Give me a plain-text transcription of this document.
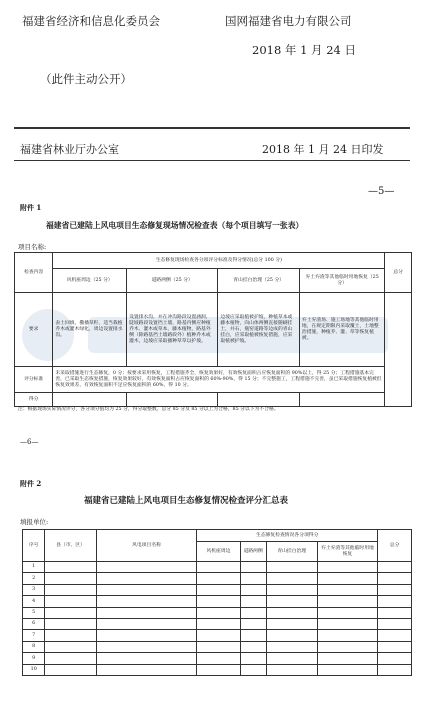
福建省经济和信息化委员会	国网福建省电力有限公司
2018 年 1 月 24 日
（此件主动公开）
福建省林业厅办公室	2018 年 1 月 24 日印发
—5—
附件 1
福建省已建陆上风电项目生态修复现场情况检查表（每个项目填写一张表）
项目名称:
检查内容	生态修复现场检查各分项评分标准及得分情况(总分 100 分)				总分
	风机座周边（25 分）	道路两侧（25 分）	青山挂白治理（25 分）	弃土弃渣等其他临时用地恢复（25 分）	
要求	表土回填，撒播草籽，适当栽植乔木或灌木绿化，周边设置排水沟。	设置排水沟，并在冲沟路段设置涵洞，陡坡路段设置挡土墙，路基内侧应种植乔木、灌木或草本、藤本植物，路基外侧（除路基挡土墙路段外）植种乔木或灌木，边坡应采取播种草草以护坡。	边坡应采取植被护坡，种植草本或藤本植物，向山体两侧直接随刷挂土，并石，瓶窑道路等边成的青山挂白，应采取植被恢复措施，应采取植被护坡。	弃土弃渣场、施工场地等其他临时用地，在规定期限内采取覆土，土地整治措施，种植乔、灌、草等恢复植被。	
评分标准	未采取措施进行生态修复，0 分；按要求采用恢复，工程措施齐全，恢复效果好，有效恢复面积占应恢复面积的 90%以上，得 25 分；工程措施基本完善，已采取生态恢复措施，恢复效果较好，有效恢复面积占应恢复面积的 60%-90%，得 15 分；不完整施工，工程措施不完善，虽已采取措施恢复植被但恢复效果差，有效恢复面积不足应恢复面积的 60%，得 10 分。				
得分					
注：根据现场实际情况评分，各分项分值均为 25 分，得分取整数。总分 85 分及 85 分以上为合格，85 分以下为不合格。
—6—
附件 2
福建省已建陆上风电项目生态修复情况检查评分汇总表
填报单位:
序号	县（市、区）	风电项目名称	生态修复检查情况各分项得分				总分
			风机座周边	道路两侧	青山挂白治理	弃土弃渣等其他临时用地恢复	
1							
2							
3							
4							
5							
6							
7							
8							
9							
10							
